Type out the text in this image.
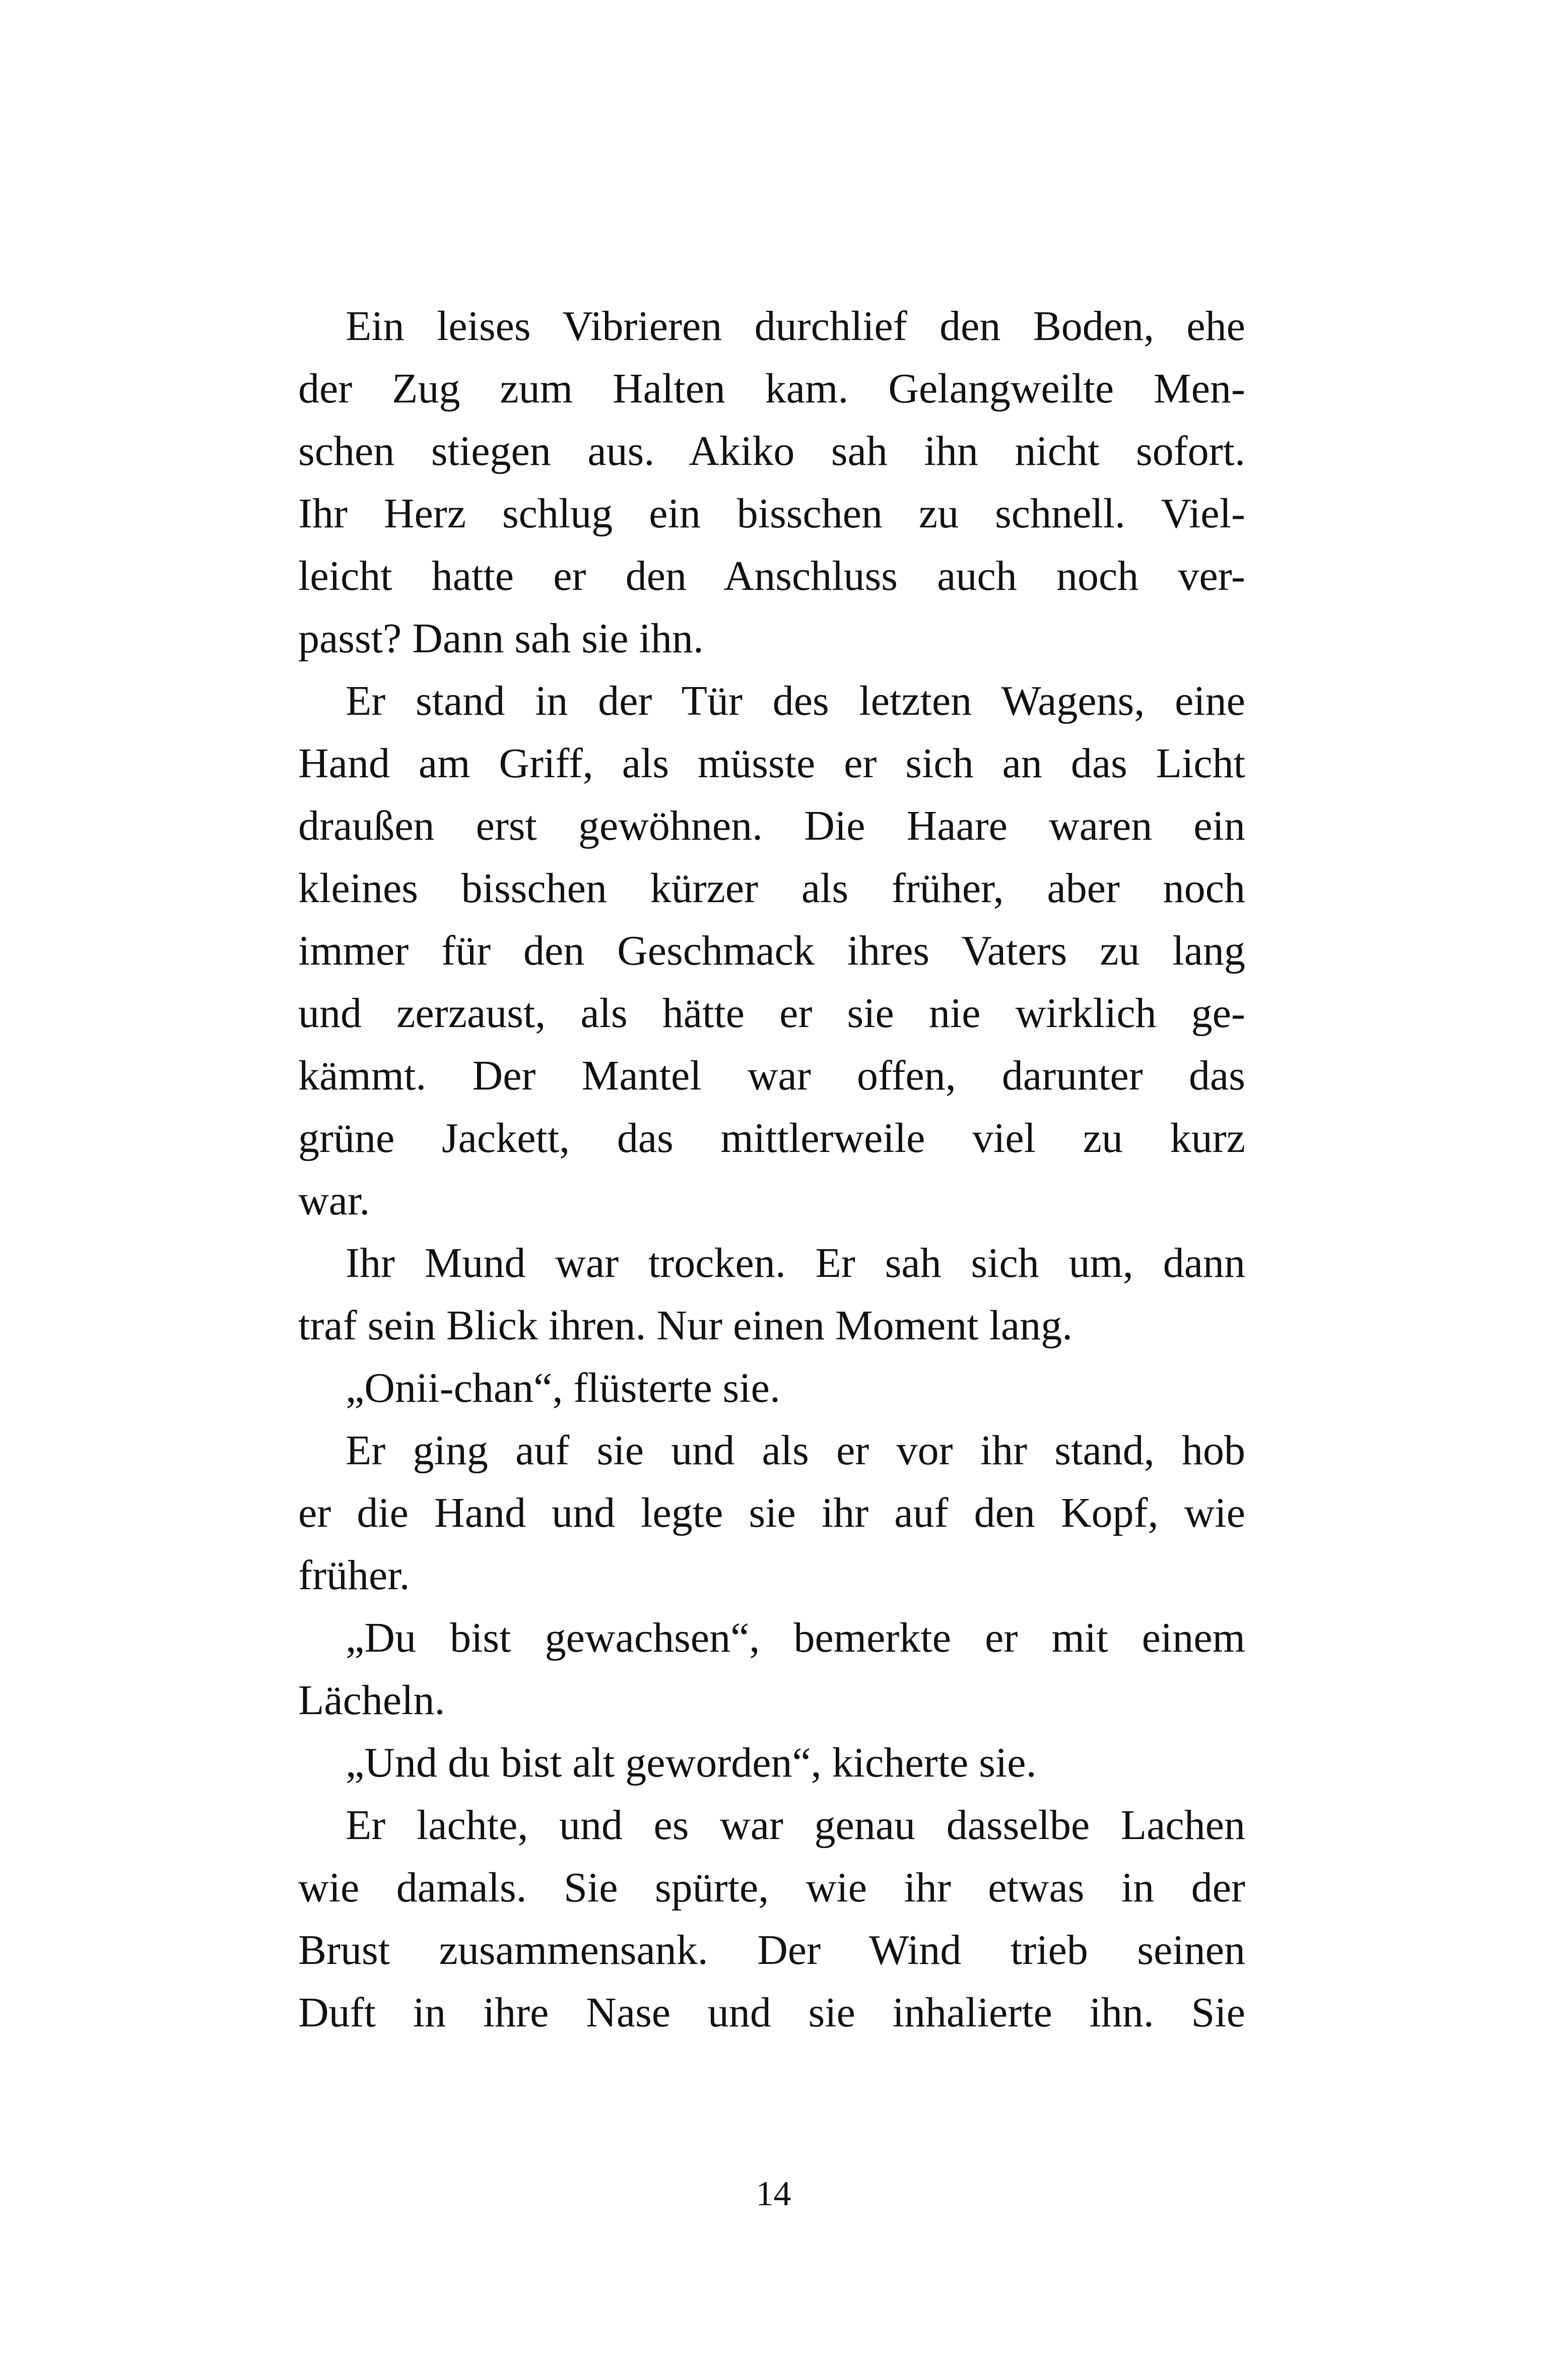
Ein leises Vibrieren durchlief den Boden, ehe
der Zug zum Halten kam. Gelangweilte Men-
schen stiegen aus. Akiko sah ihn nicht sofort.
Ihr Herz schlug ein bisschen zu schnell. Viel-
leicht hatte er den Anschluss auch noch ver-
passt? Dann sah sie ihn.
Er stand in der Tür des letzten Wagens, eine
Hand am Griff, als müsste er sich an das Licht
draußen erst gewöhnen. Die Haare waren ein
kleines bisschen kürzer als früher, aber noch
immer für den Geschmack ihres Vaters zu lang
und zerzaust, als hätte er sie nie wirklich ge-
kämmt. Der Mantel war offen, darunter das
grüne Jackett, das mittlerweile viel zu kurz
war.
Ihr Mund war trocken. Er sah sich um, dann
traf sein Blick ihren. Nur einen Moment lang.
„Onii-chan“, flüsterte sie.
Er ging auf sie und als er vor ihr stand, hob
er die Hand und legte sie ihr auf den Kopf, wie
früher.
„Du bist gewachsen“, bemerkte er mit einem
Lächeln.
„Und du bist alt geworden“, kicherte sie.
Er lachte, und es war genau dasselbe Lachen
wie damals. Sie spürte, wie ihr etwas in der
Brust zusammensank. Der Wind trieb seinen
Duft in ihre Nase und sie inhalierte ihn. Sie
14
